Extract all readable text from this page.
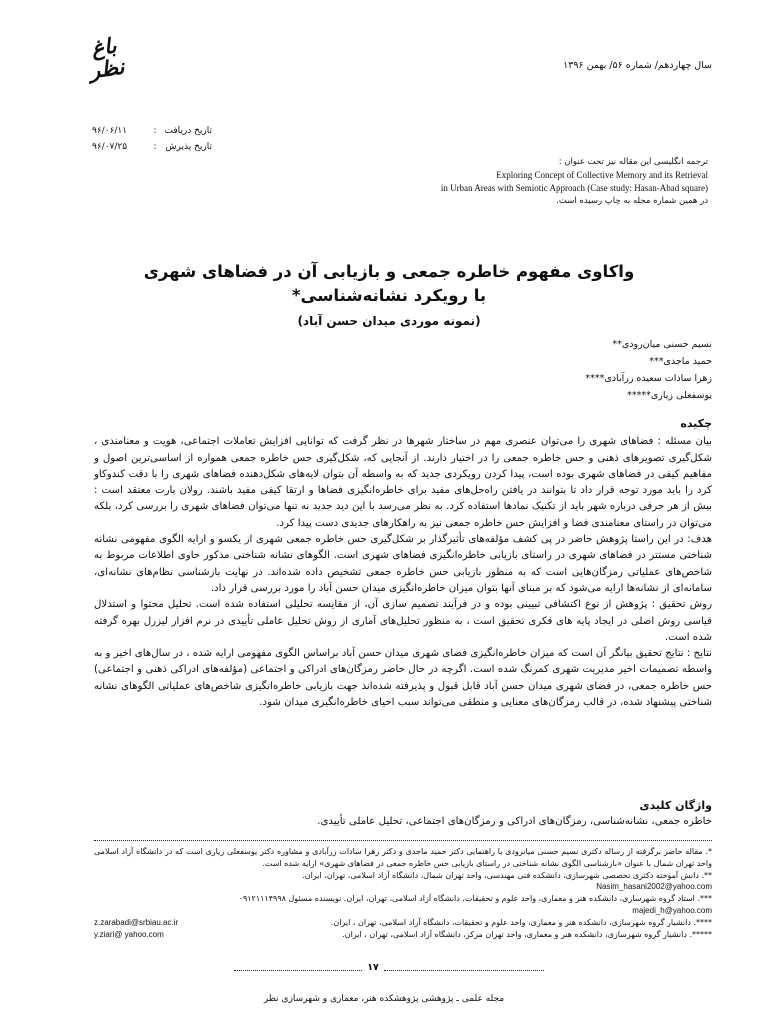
باغ نظر	سال چهاردهم/ شماره ۵۶/ بهمن ۱۳۹۶
تاریخ دریافت:۹۶/۰۶/۱۱
تاریخ پذیرش:۹۶/۰۷/۲۵
ترجمه انگلیسی این مقاله نیز تحت عنوان :
Exploring Concept of Collective Memory and its Retrieval
in Urban Areas with Semiotic Approach (Case study: Hasan-Abad square)
در همین شماره مجله به چاپ رسیده است.
واکاوی مفهوم خاطره جمعی و بازیابی آن در فضاهای شهری
با رویکرد نشانه‌شناسی*
(نمونه موردی میدان حسن آباد)
نسیم حسنی میان‌رودی**
حمید ماجدی***
زهرا سادات سعیده زرآبادی****
یوسفعلی زیاری*****
چکیده

بیان مسئله : فضاهای شهری را می‌توان عنصری مهم در ساختار شهرها در نظر گرفت که توانایی افزایش تعاملات اجتماعی، هویت و معنا‌مندی ، شکل‌گیری تصویرهای ذهنی و حس خاطره جمعی را در اختیار دارند. از آنجایی که، شکل‌گیری حس خاطره جمعی همواره از اساسی‌ترین اصول و مفاهیم کیفی در فضاهای شهری بوده است، پیدا کردن رویکردی جدید که به واسطه آن بتوان لایه‌های شکل‌دهنده فضاهای شهری را با دقت کندوکاو کرد را باید مورد توجه قرار داد تا بتوانند در یافتن راه‌حل‌های مفید برای خاطره‌انگیزی فضاها و ارتقا کیفی مفید باشند. رولان بارت معتقد است : بیش از هر حرفی درباره شهر باید از تکنیک نمادها استفاده کرد. به نظر می‌رسد با این دید جدید نه تنها می‌توان فضاهای شهری را بررسی کرد، بلکه می‌توان در راستای معنا‌مندی فضا و افزایش حس خاطره جمعی نیز به راهکارهای جدیدی دست پیدا کرد.

هدف: در این راستا پژوهش حاضر در پی کشف مؤلفه‌های تأثیرگذار بر شکل‌گیری حس خاطره جمعی شهری از یکسو و ارایه الگوی مفهومی نشانه شناختی مستتر در فضاهای شهری در راستای بازیابی خاطره‌انگیزی فضاهای شهری است. الگوهای نشانه شناختی مذکور حاوی اطلاعات مربوط به شاخص‌های عملیاتی رمزگان‌هایی است که به منظور بازیابی حس خاطره جمعی تشخیص داده شده‌اند. در نهایت بازشناسی نظام‌های نشانه‌ای، سامانه‌ای از نشانه‌ها ارایه می‌شود که بر مبنای آنها بتوان میزان خاطره‌انگیزی میدان حسن آباد را مورد بررسی قرار داد.

روش تحقیق : پژوهش از نوع اکتشافی تبیینی بوده و در فرآیند تصمیم سازی آن، از مقایسه تحلیلی استفاده شده است. تحلیل محتوا و استدلال قیاسی روش اصلی در ایجاد پایه های فکری تحقیق است ، به منظور تحلیل‌های آماری از روش تحلیل عاملی تأییدی در نرم افزار لیزرل بهره گرفته شده است.

نتایج : نتایج تحقیق بیانگر آن است که میزان خاطره‌انگیزی فضای شهری میدان حسن آباد براساس الگوی مفهومی ارایه شده ، در سال‌های اخیر و به واسطه تصمیمات اخیر مدیریت شهری کمرنگ شده است. اگرچه در حال حاضر رمزگان‌های ادراکی و اجتماعی (مؤلفه‌های ادراکی ذهنی و اجتماعی) حس خاطره جمعی، در فضای شهری میدان حسن آباد قابل قبول و پذیرفته شده‌اند جهت بازیابی خاطره‌انگیزی شاخص‌های عملیاتی الگوهای نشانه شناختی پیشنهاد شده، در قالب رمزگان‌های معنایی و منطقی می‌تواند سبب احیای خاطره‌انگیزی میدان شود.

واژگان کلیدی
خاطره جمعی، نشانه‌شناسی، رمزگان‌های ادراکی و رمزگان‌های اجتماعی، تحلیل عاملی تأییدی.

*. مقاله حاضر برگرفته از رساله دکتری نسیم حسنی میانرودی با راهنمایی دکتر حمید ماجدی و دکتر زهرا سادات زرآبادی و مشاوره دکتر یوسفعلی زیاری است که در دانشگاه آزاد اسلامی واحد تهران شمال با عنوان «بازشناسی الگوی نشانه شناختی در راستای بازیابی حس خاطره جمعی در فضاهای شهری» ارایه شده است.

**. دانش آموخته دکتری تخصصی شهرسازی، دانشکده فنی مهندسی، واحد تهران شمال، دانشگاه آزاد اسلامی، تهران، ایران.

Nasim_hasani2002@yahoo.com

***. استاد گروه شهرسازی، دانشکده هنر و معماری، واحد علوم و تحقیقات، دانشگاه آزاد اسلامی، تهران، ایران. نویسنده مسئول ۰۹۱۲۱۱۱۴۹۹۸

majedi_h@yahoo.com
****. دانشیار گروه شهرسازی، دانشکده هنر و معماری، واحد علوم و تحقیقات، دانشگاه آزاد اسلامی، تهران ، ایران.
z.zarabadi@srbiau.ac.ir
*****. دانشیار گروه شهرسازی، دانشکده هنر و معماری، واحد تهران مرکز، دانشگاه آزاد اسلامی، تهران ، ایران.
y.ziari@ yahoo.com
۱۷
مجله علمی ـ پژوهشی پژوهشکده هنر، معماری و شهرسازی نظر
